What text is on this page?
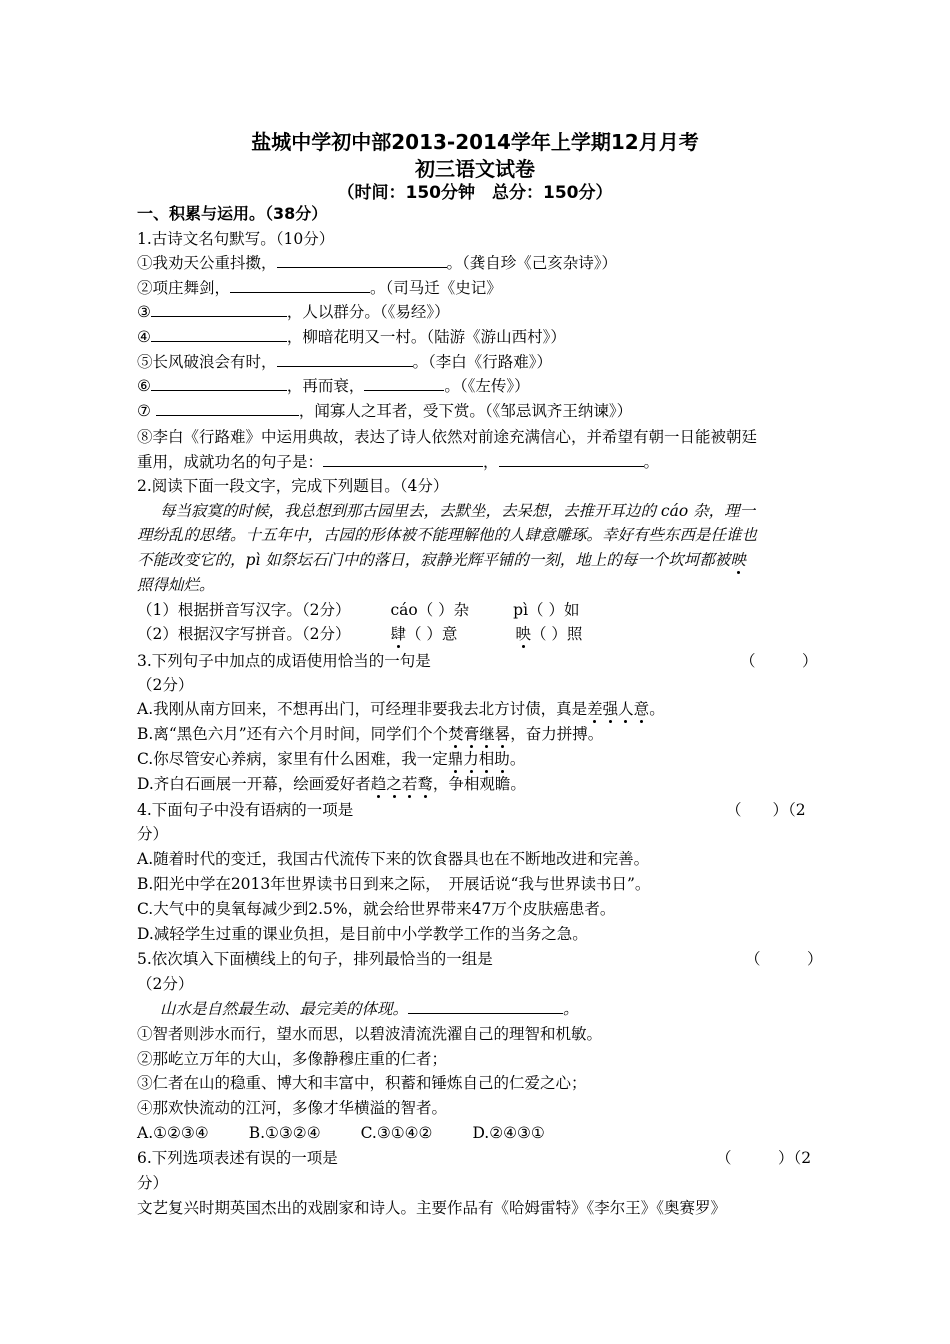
盐城中学初中部2013-2014学年上学期12月月考
初三语文试卷
（时间：150分钟　总分：150分）
一、积累与运用。（38分）
1.古诗文名句默写。（10分）
①我劝天公重抖擞，	。（龚自珍《己亥杂诗》）
②项庄舞剑，	。（司马迁《史记》
③	，人以群分。（《易经》）
④	，柳暗花明又一村。（陆游《游山西村》）
⑤长风破浪会有时，	。（李白《行路难》）
⑥	，再而衰，	。（《左传》）
⑦	，闻寡人之耳者，受下赏。（《邹忌讽齐王纳谏》）
⑧李白《行路难》中运用典故，表达了诗人依然对前途充满信心，并希望有朝一日能被朝廷
重用，成就功名的句子是：	，	。
2.阅读下面一段文字，完成下列题目。（4分）
每当寂寞的时候，我总想到那古园里去，去默坐，去呆想，去推开耳边的 cáo 杂，理一
理纷乱的思绪。十五年中，古园的形体被不能理解他的人肆意雕琢。幸好有些东西是任谁也
不能改变它的，pì 如祭坛石门中的落日，寂静光辉平铺的一刻，地上的每一个坎坷都被映
照得灿烂。
（1）根据拼音写汉字。（2分）	cáo（ ）杂	pì（ ）如
（2）根据汉字写拼音。（2分）	肆（ ）意	映（ ）照
3.下列句子中加点的成语使用恰当的一句是	（　　　）
（2分）
A.我刚从南方回来，不想再出门，可经理非要我去北方讨债，真是差强人意。
B.离“黑色六月”还有六个月时间，同学们个个焚膏继晷，奋力拼搏。
C.你尽管安心养病，家里有什么困难，我一定鼎力相助。
D.齐白石画展一开幕，绘画爱好者趋之若鹜，争相观瞻。
4.下面句子中没有语病的一项是	（　　）（2
分）
A.随着时代的变迁，我国古代流传下来的饮食器具也在不断地改进和完善。
B.阳光中学在2013年世界读书日到来之际，　开展话说“我与世界读书日”。
C.大气中的臭氧每减少到2.5%，就会给世界带来47万个皮肤癌患者。
D.减轻学生过重的课业负担，是目前中小学教学工作的当务之急。
5.依次填入下面横线上的句子，排列最恰当的一组是	（　　　）
（2分）
山水是自然最生动、最完美的体现。	。
①智者则涉水而行，望水而思，以碧波清流洗濯自己的理智和机敏。
②那屹立万年的大山，多像静穆庄重的仁者；
③仁者在山的稳重、博大和丰富中，积蓄和锤炼自己的仁爱之心；
④那欢快流动的江河，多像才华横溢的智者。
A.①②③④	B.①③②④	C.③①④②	D.②④③①
6.下列选项表述有误的一项是	（　　　）（2
分）
文艺复兴时期英国杰出的戏剧家和诗人。主要作品有《哈姆雷特》《李尔王》《奥赛罗》
